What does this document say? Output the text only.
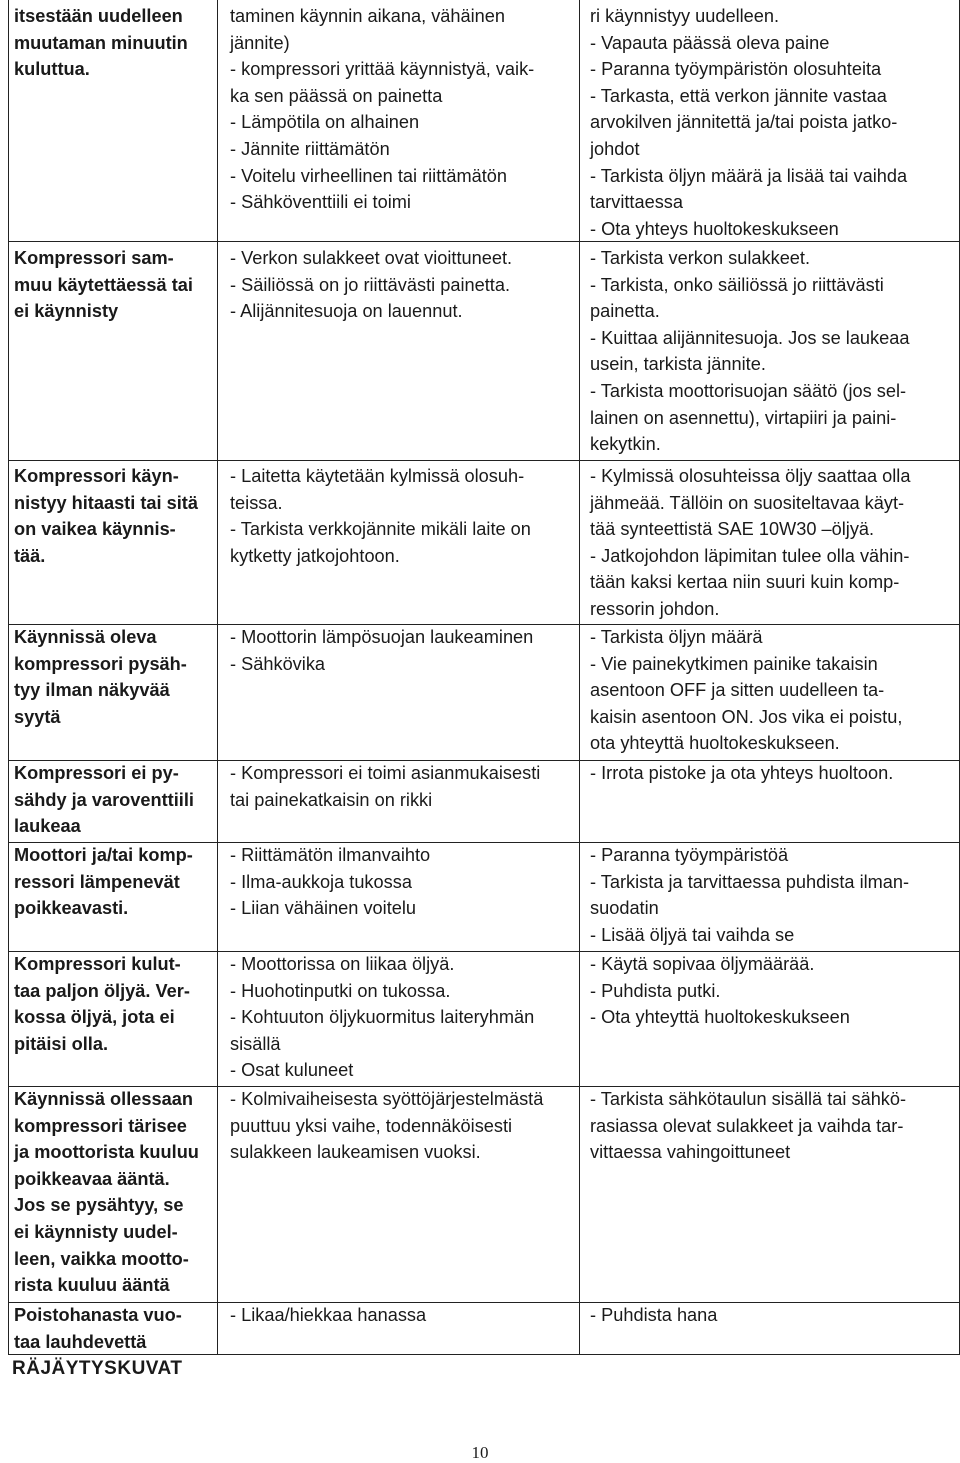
itsestään uudelleen
muutaman minuutin
kuluttua.
taminen käynnin aikana, vähäinen
jännite)
- kompressori yrittää käynnistyä, vaik-
ka sen päässä on painetta
- Lämpötila on alhainen
- Jännite riittämätön
- Voitelu virheellinen tai riittämätön
- Sähköventtiili ei toimi
ri käynnistyy uudelleen.
- Vapauta päässä oleva paine
- Paranna työympäristön olosuhteita
- Tarkasta, että verkon jännite vastaa
arvokilven jännitettä ja/tai poista jatko-
johdot
- Tarkista öljyn määrä ja lisää tai vaihda
tarvittaessa
- Ota yhteys huoltokeskukseen
Kompressori sam-
muu käytettäessä tai
ei käynnisty
- Verkon sulakkeet ovat vioittuneet.
- Säiliössä on jo riittävästi painetta.
- Alijännitesuoja on lauennut.
- Tarkista verkon sulakkeet.
- Tarkista, onko säiliössä jo riittävästi
painetta.
- Kuittaa alijännitesuoja. Jos se laukeaa
usein, tarkista jännite.
- Tarkista moottorisuojan säätö (jos sel-
lainen on asennettu), virtapiiri ja paini-
kekytkin.
Kompressori käyn-
nistyy hitaasti tai sitä
on vaikea käynnis-
tää.
- Laitetta käytetään kylmissä olosuh-
teissa.
- Tarkista verkkojännite mikäli laite on
kytketty jatkojohtoon.
- Kylmissä olosuhteissa öljy saattaa olla
jähmeää. Tällöin on suositeltavaa käyt-
tää synteettistä SAE 10W30 –öljyä.
- Jatkojohdon läpimitan tulee olla vähin-
tään kaksi kertaa niin suuri kuin komp-
ressorin johdon.
Käynnissä oleva
kompressori pysäh-
tyy ilman näkyvää
syytä
- Moottorin lämpösuojan laukeaminen
- Sähkövika
- Tarkista öljyn määrä
- Vie painekytkimen painike takaisin
asentoon OFF ja sitten uudelleen ta-
kaisin asentoon ON. Jos vika ei poistu,
ota yhteyttä huoltokeskukseen.
Kompressori ei py-
sähdy ja varoventtiili
laukeaa
- Kompressori ei toimi asianmukaisesti
tai painekatkaisin on rikki
- Irrota pistoke ja ota yhteys huoltoon.
Moottori ja/tai komp-
ressori lämpenevät
poikkeavasti.
- Riittämätön ilmanvaihto
- Ilma-aukkoja tukossa
- Liian vähäinen voitelu
- Paranna työympäristöä
- Tarkista ja tarvittaessa puhdista ilman-
suodatin
- Lisää öljyä tai vaihda se
Kompressori kulut-
taa paljon öljyä. Ver-
kossa öljyä, jota ei
pitäisi olla.
- Moottorissa on liikaa öljyä.
- Huohotinputki on tukossa.
- Kohtuuton öljykuormitus laiteryhmän
sisällä
- Osat kuluneet
- Käytä sopivaa öljymäärää.
- Puhdista putki.
- Ota yhteyttä huoltokeskukseen
Käynnissä ollessaan
kompressori tärisee
ja moottorista kuuluu
poikkeavaa ääntä.
Jos se pysähtyy, se
ei käynnisty uudel-
leen, vaikka mootto-
rista kuuluu ääntä
- Kolmivaiheisesta syöttöjärjestelmästä
puuttuu yksi vaihe, todennäköisesti
sulakkeen laukeamisen vuoksi.
- Tarkista sähkötaulun sisällä tai sähkö-
rasiassa olevat sulakkeet ja vaihda tar-
vittaessa vahingoittuneet
Poistohanasta vuo-
taa lauhdevettä
- Likaa/hiekkaa hanassa	- Puhdista hana
RÄJÄYTYSKUVAT
10
